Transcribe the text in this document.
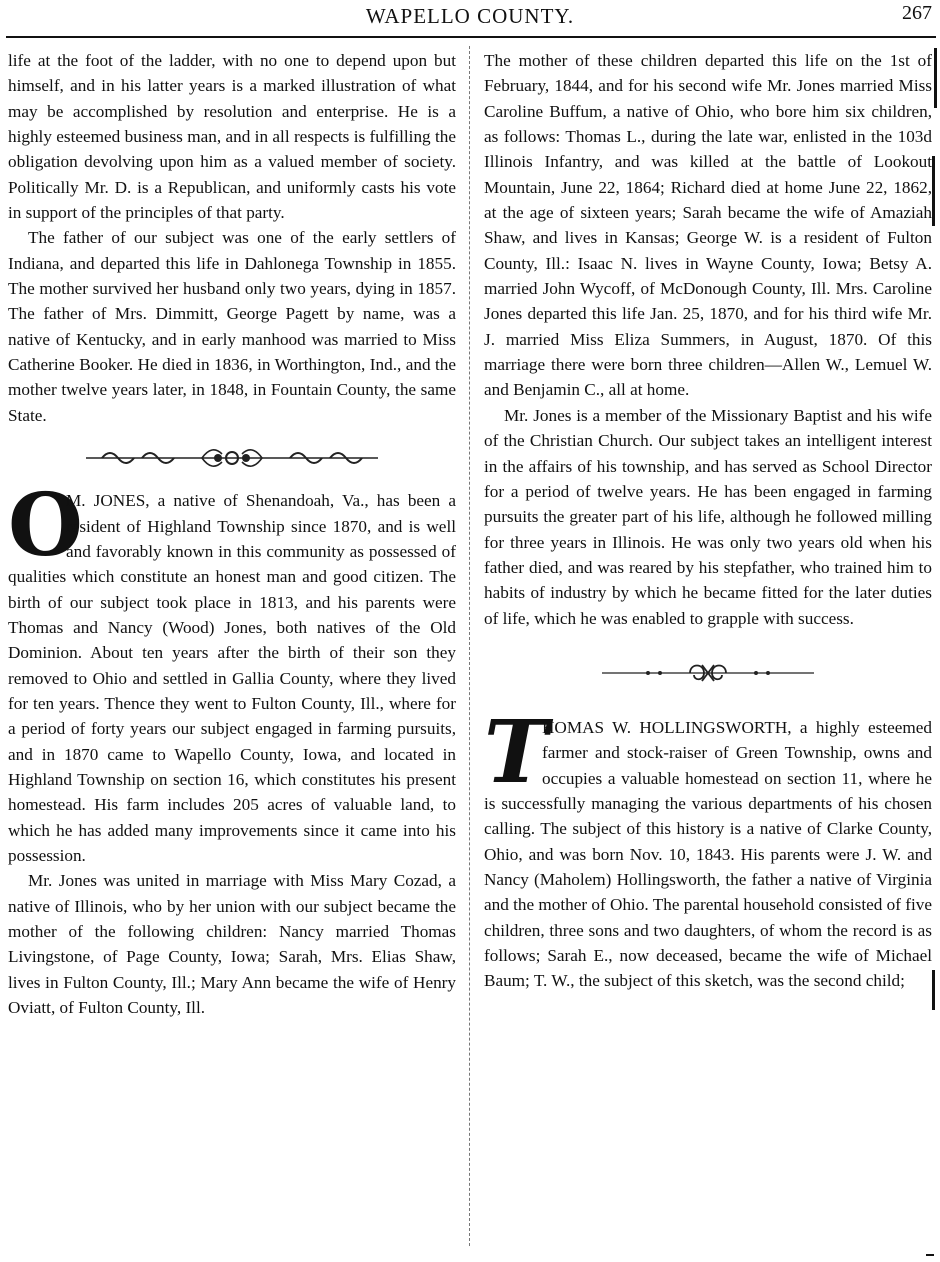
WAPELLO COUNTY.	267

life at the foot of the ladder, with no one to depend upon but himself, and in his latter years is a marked illustration of what may be accomplished by resolution and enterprise. He is a highly esteemed business man, and in all respects is fulfilling the obligation devolving upon him as a valued member of society. Politically Mr. D. is a Republican, and uniformly casts his vote in support of the principles of that party.

The father of our subject was one of the early settlers of Indiana, and departed this life in Dahlonega Township in 1855. The mother survived her husband only two years, dying in 1857. The father of Mrs. Dimmitt, George Pagett by name, was a native of Kentucky, and in early manhood was married to Miss Catherine Booker. He died in 1836, in Worthington, Ind., and the mother twelve years later, in 1848, in Fountain County, the same State.

O

M. JONES, a native of Shenandoah, Va., has been a resident of Highland Township since 1870, and is well and favorably known in this community as possessed of qualities which constitute an honest man and good citizen. The birth of our subject took place in 1813, and his parents were Thomas and Nancy (Wood) Jones, both natives of the Old Dominion. About ten years after the birth of their son they removed to Ohio and settled in Gallia County, where they lived for ten years. Thence they went to Fulton County, Ill., where for a period of forty years our subject engaged in farming pursuits, and in 1870 came to Wapello County, Iowa, and located in Highland Township on section 16, which constitutes his present homestead. His farm includes 205 acres of valuable land, to which he has added many improvements since it came into his possession.

Mr. Jones was united in marriage with Miss Mary Cozad, a native of Illinois, who by her union with our subject became the mother of the following children: Nancy married Thomas Livingstone, of Page County, Iowa; Sarah, Mrs. Elias Shaw, lives in Fulton County, Ill.; Mary Ann became the wife of Henry Oviatt, of Fulton County, Ill.

The mother of these children departed this life on the 1st of February, 1844, and for his second wife Mr. Jones married Miss Caroline Buffum, a native of Ohio, who bore him six children, as follows: Thomas L., during the late war, enlisted in the 103d Illinois Infantry, and was killed at the battle of Lookout Mountain, June 22, 1864; Richard died at home June 22, 1862, at the age of sixteen years; Sarah became the wife of Amaziah Shaw, and lives in Kansas; George W. is a resident of Fulton County, Ill.: Isaac N. lives in Wayne County, Iowa; Betsy A. married John Wycoff, of McDonough County, Ill. Mrs. Caroline Jones departed this life Jan. 25, 1870, and for his third wife Mr. J. married Miss Eliza Summers, in August, 1870. Of this marriage there were born three children—Allen W., Lemuel W. and Benjamin C., all at home.

Mr. Jones is a member of the Missionary Baptist and his wife of the Christian Church. Our subject takes an intelligent interest in the affairs of his township, and has served as School Director for a period of twelve years. He has been engaged in farming pursuits the greater part of his life, although he followed milling for three years in Illinois. He was only two years old when his father died, and was reared by his stepfather, who trained him to habits of industry by which he became fitted for the later duties of life, which he was enabled to grapple with success.

T

HOMAS W. HOLLINGSWORTH, a highly esteemed farmer and stock-raiser of Green Township, owns and occupies a valuable homestead on section 11, where he is successfully managing the various departments of his chosen calling. The subject of this history is a native of Clarke County, Ohio, and was born Nov. 10, 1843. His parents were J. W. and Nancy (Maholem) Hollingsworth, the father a native of Virginia and the mother of Ohio. The parental household consisted of five children, three sons and two daughters, of whom the record is as follows; Sarah E., now deceased, became the wife of Michael Baum; T. W., the subject of this sketch, was the second child;
